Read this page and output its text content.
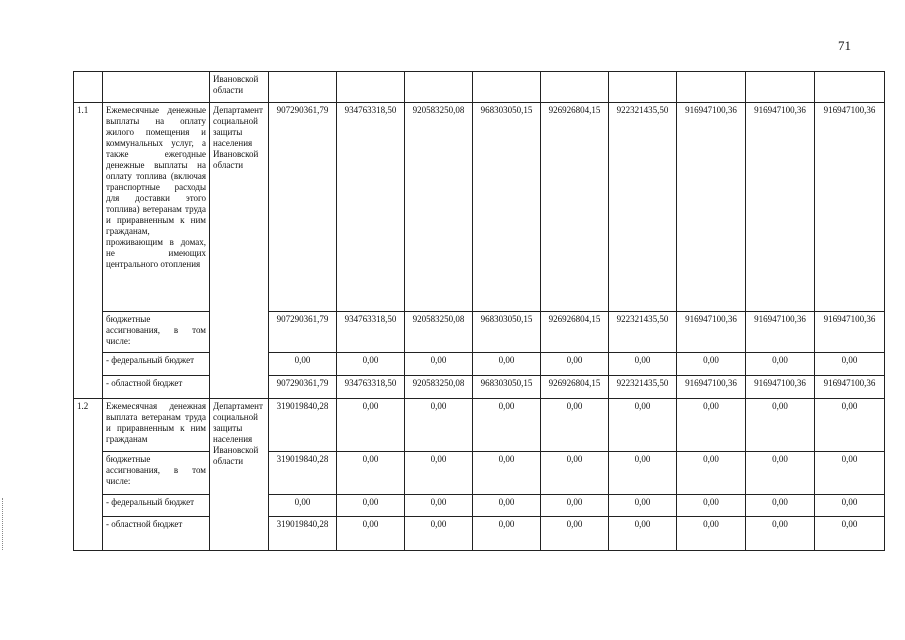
71
		Ивановской области									
1.1	Ежемесячные денежные выплаты на оплату жилого помещения и коммунальных услуг, а также ежегодные денежные выплаты на оплату топлива (включая транспортные расходы для доставки этого топлива) ветеранам труда и приравненным к ним гражданам, проживающим в домах, не имеющих центрального отопления	Департамент социальной защиты населения Ивановской области	907290361,79	934763318,50	920583250,08	968303050,15	926926804,15	922321435,50	916947100,36	916947100,36	916947100,36
	бюджетные ассигнования, в том числе:		907290361,79	934763318,50	920583250,08	968303050,15	926926804,15	922321435,50	916947100,36	916947100,36	916947100,36
	- федеральный бюджет		0,00	0,00	0,00	0,00	0,00	0,00	0,00	0,00	0,00
	- областной бюджет		907290361,79	934763318,50	920583250,08	968303050,15	926926804,15	922321435,50	916947100,36	916947100,36	916947100,36
1.2	Ежемесячная денежная выплата ветеранам труда и приравненным к ним гражданам	Департамент социальной защиты населения Ивановской области	319019840,28	0,00	0,00	0,00	0,00	0,00	0,00	0,00	0,00
	бюджетные ассигнования, в том числе:		319019840,28	0,00	0,00	0,00	0,00	0,00	0,00	0,00	0,00
	- федеральный бюджет		0,00	0,00	0,00	0,00	0,00	0,00	0,00	0,00	0,00
	- областной бюджет		319019840,28	0,00	0,00	0,00	0,00	0,00	0,00	0,00	0,00
